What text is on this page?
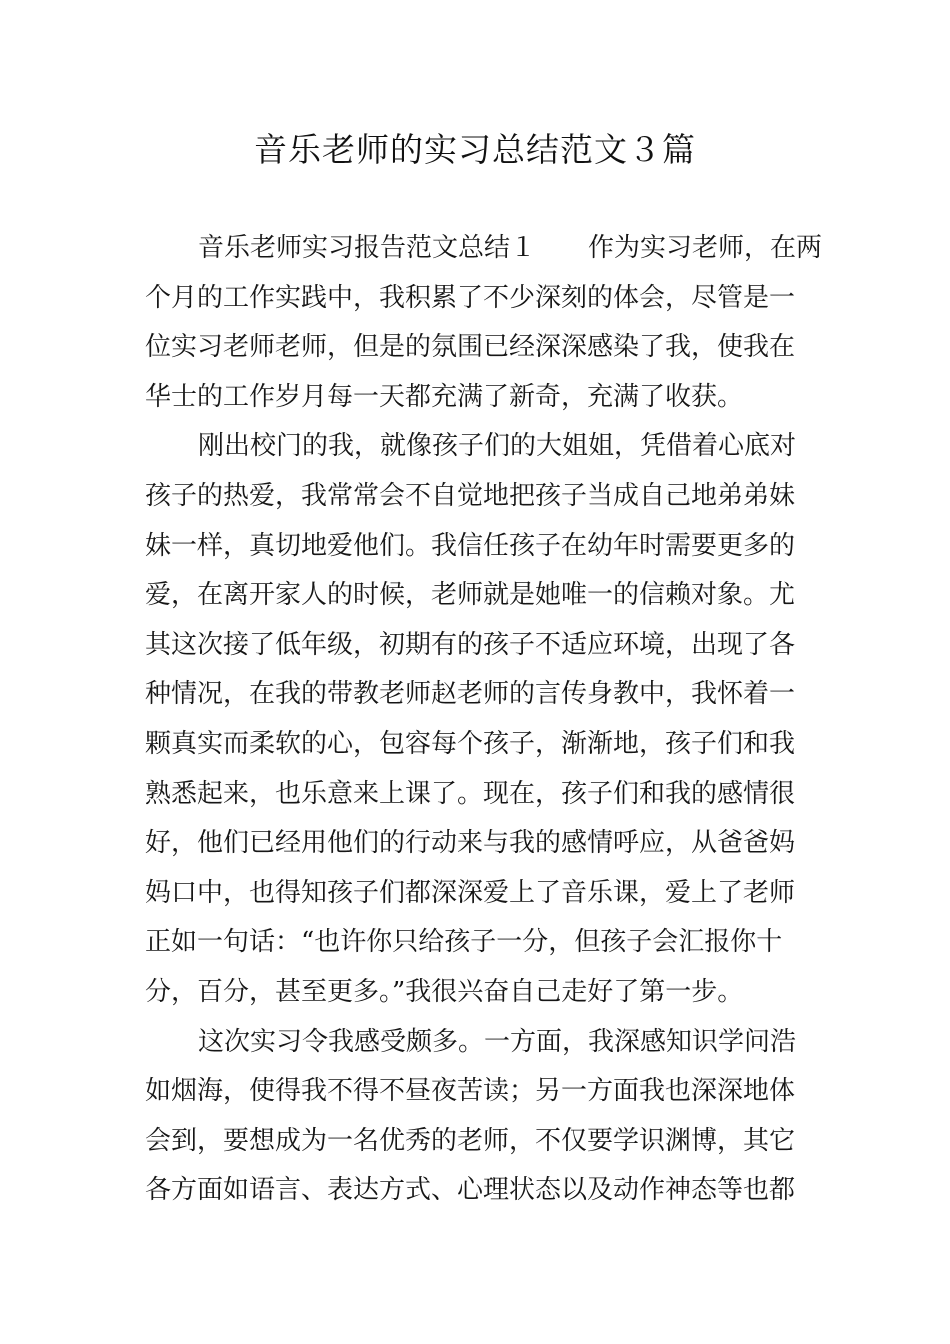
音乐老师的实习总结范文３篇
音乐老师实习报告范文总结１　　作为实习老师，在两
个月的工作实践中，我积累了不少深刻的体会，尽管是一
位实习老师老师，但是的氛围已经深深感染了我，使我在
华士的工作岁月每一天都充满了新奇，充满了收获。
刚出校门的我，就像孩子们的大姐姐，凭借着心底对
孩子的热爱，我常常会不自觉地把孩子当成自己地弟弟妹
妹一样，真切地爱他们。我信任孩子在幼年时需要更多的
爱，在离开家人的时候，老师就是她唯一的信赖对象。尤
其这次接了低年级，初期有的孩子不适应环境，出现了各
种情况，在我的带教老师赵老师的言传身教中，我怀着一
颗真实而柔软的心，包容每个孩子，渐渐地，孩子们和我
熟悉起来，也乐意来上课了。现在，孩子们和我的感情很
好，他们已经用他们的行动来与我的感情呼应，从爸爸妈
妈口中，也得知孩子们都深深爱上了音乐课，爱上了老师
正如一句话：“也许你只给孩子一分，但孩子会汇报你十
分，百分，甚至更多。”我很兴奋自己走好了第一步。
这次实习令我感受颇多。一方面，我深感知识学问浩
如烟海，使得我不得不昼夜苦读；另一方面我也深深地体
会到，要想成为一名优秀的老师，不仅要学识渊博，其它
各方面如语言、表达方式、心理状态以及动作神态等也都
